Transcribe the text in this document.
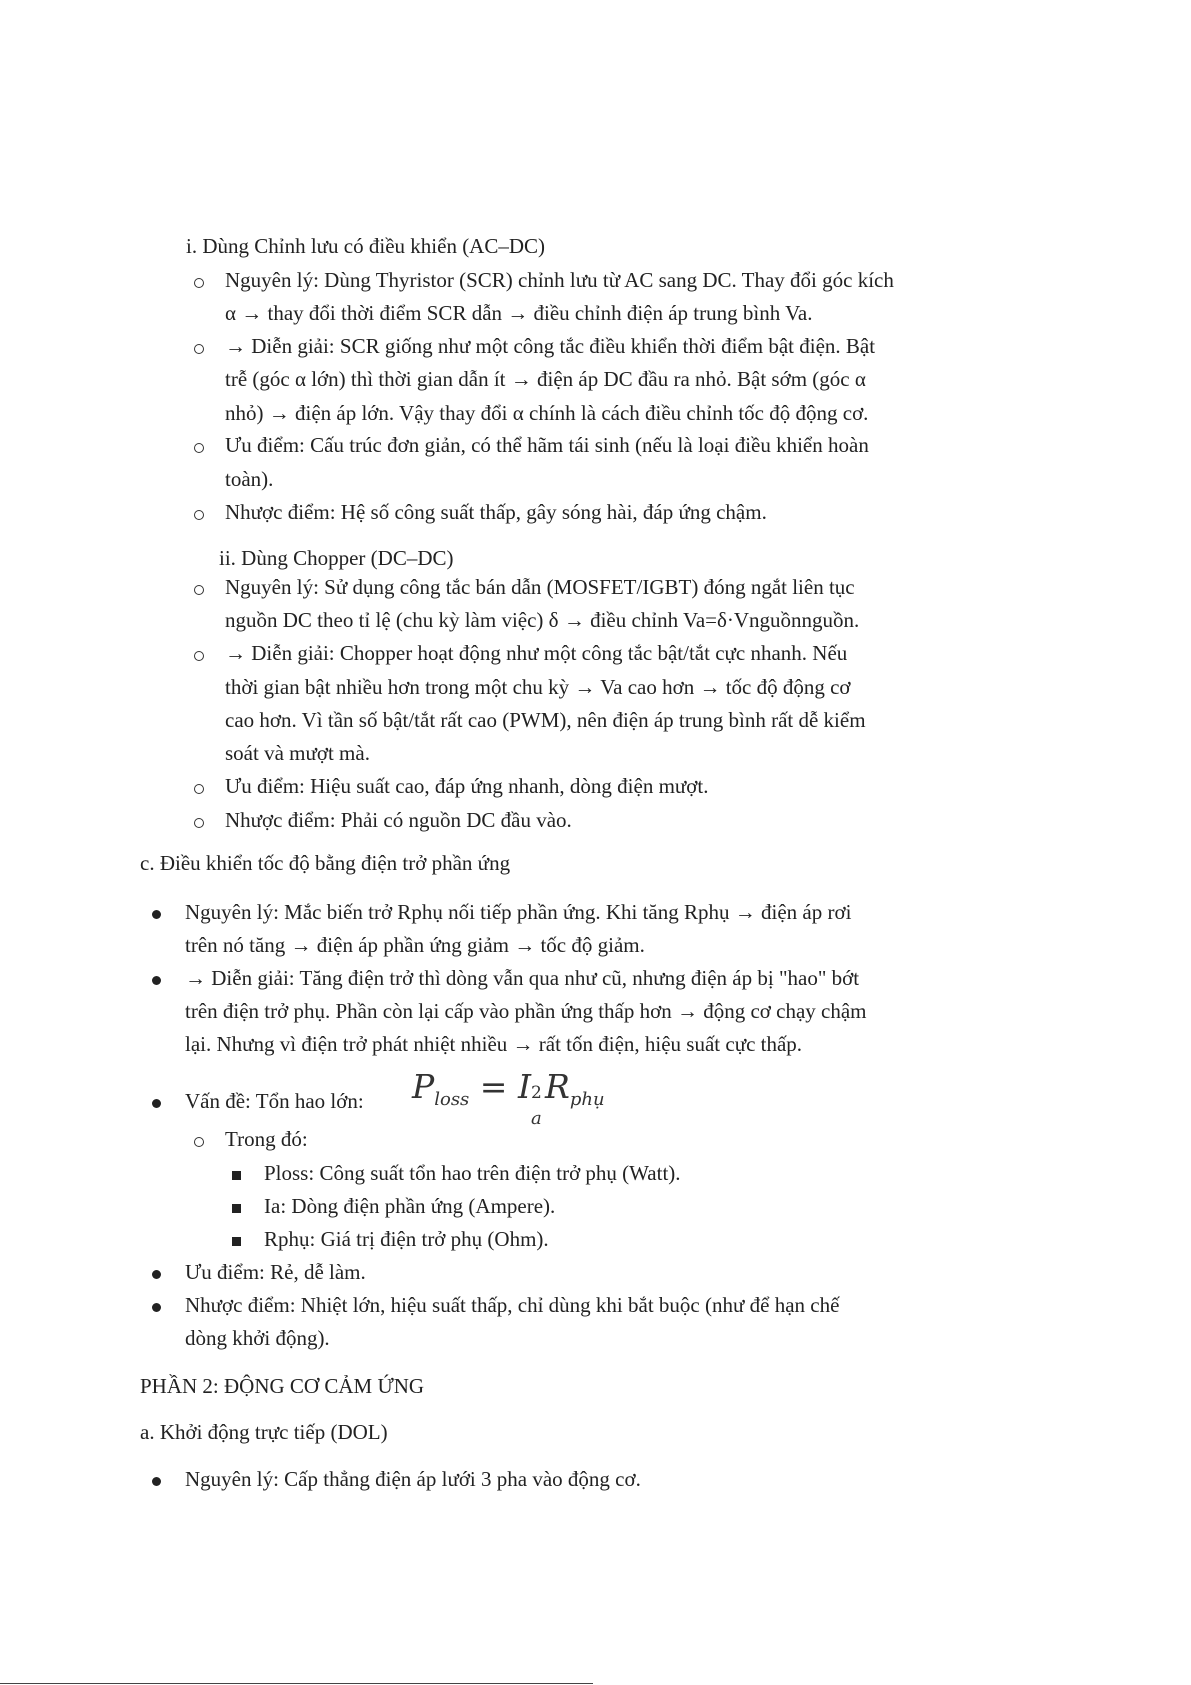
i. Dùng Chỉnh lưu có điều khiển (AC–DC)
Nguyên lý: Dùng Thyristor (SCR) chỉnh lưu từ AC sang DC. Thay đổi góc kích
α → thay đổi thời điểm SCR dẫn → điều chỉnh điện áp trung bình Va.
→ Diễn giải: SCR giống như một công tắc điều khiển thời điểm bật điện. Bật
trễ (góc α lớn) thì thời gian dẫn ít → điện áp DC đầu ra nhỏ. Bật sớm (góc α
nhỏ) → điện áp lớn. Vậy thay đổi α chính là cách điều chỉnh tốc độ động cơ.
Ưu điểm: Cấu trúc đơn giản, có thể hãm tái sinh (nếu là loại điều khiển hoàn
toàn).
Nhược điểm: Hệ số công suất thấp, gây sóng hài, đáp ứng chậm.
ii. Dùng Chopper (DC–DC)
Nguyên lý: Sử dụng công tắc bán dẫn (MOSFET/IGBT) đóng ngắt liên tục
nguồn DC theo tỉ lệ (chu kỳ làm việc) δ → điều chỉnh Va=δ·Vnguồnnguồn.
→ Diễn giải: Chopper hoạt động như một công tắc bật/tắt cực nhanh. Nếu
thời gian bật nhiều hơn trong một chu kỳ → Va cao hơn → tốc độ động cơ
cao hơn. Vì tần số bật/tắt rất cao (PWM), nên điện áp trung bình rất dễ kiểm
soát và mượt mà.
Ưu điểm: Hiệu suất cao, đáp ứng nhanh, dòng điện mượt.
Nhược điểm: Phải có nguồn DC đầu vào.
c. Điều khiển tốc độ bằng điện trở phần ứng
Nguyên lý: Mắc biến trở Rphụ nối tiếp phần ứng. Khi tăng Rphụ → điện áp rơi
trên nó tăng → điện áp phần ứng giảm → tốc độ giảm.
→ Diễn giải: Tăng điện trở thì dòng vẫn qua như cũ, nhưng điện áp bị "hao" bớt
trên điện trở phụ. Phần còn lại cấp vào phần ứng thấp hơn → động cơ chạy chậm
lại. Nhưng vì điện trở phát nhiệt nhiều → rất tốn điện, hiệu suất cực thấp.
Vấn đề: Tổn hao lớn: $P_{loss} = I$ 2
a
$R_{phụ}$
Trong đó:
Ploss: Công suất tổn hao trên điện trở phụ (Watt).
Ia: Dòng điện phần ứng (Ampere).
Rphụ: Giá trị điện trở phụ (Ohm).
Ưu điểm: Rẻ, dễ làm.
Nhược điểm: Nhiệt lớn, hiệu suất thấp, chỉ dùng khi bắt buộc (như để hạn chế
dòng khởi động).
PHẦN 2: ĐỘNG CƠ CẢM ỨNG
a. Khởi động trực tiếp (DOL)
Nguyên lý: Cấp thẳng điện áp lưới 3 pha vào động cơ.
